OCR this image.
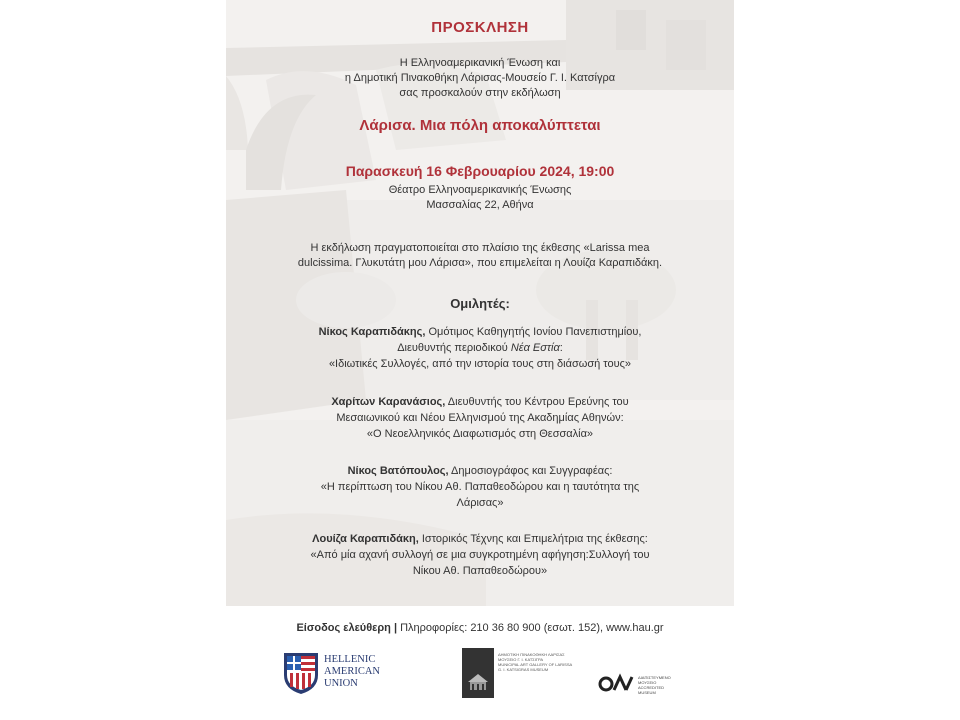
ΠΡΟΣΚΛΗΣΗ
Η Ελληνοαμερικανική Ένωση και
η Δημοτική Πινακοθήκη Λάρισας-Μουσείο Γ. Ι. Κατσίγρα
σας προσκαλούν στην εκδήλωση
Λάρισα. Μια πόλη αποκαλύπτεται
Παρασκευή 16 Φεβρουαρίου 2024, 19:00
Θέατρο Ελληνοαμερικανικής Ένωσης
Μασσαλίας 22, Αθήνα
Η εκδήλωση πραγματοποιείται στο πλαίσιο της έκθεσης «Larissa mea
dulcissima. Γλυκυτάτη μου Λάρισα», που επιμελείται η Λουίζα Καραπιδάκη.
Ομιλητές:
Νίκος Καραπιδάκης, Ομότιμος Καθηγητής Ιονίου Πανεπιστημίου,
Διευθυντής περιοδικού Νέα Εστία:
«Ιδιωτικές Συλλογές, από την ιστορία τους στη διάσωσή τους»
Χαρίτων Καρανάσιος, Διευθυντής του Κέντρου Ερεύνης του
Μεσαιωνικού και Νέου Ελληνισμού της Ακαδημίας Αθηνών:
«Ο Νεοελληνικός Διαφωτισμός στη Θεσσαλία»
Νίκος Βατόπουλος, Δημοσιογράφος και Συγγραφέας:
«Η περίπτωση του Νίκου Αθ. Παπαθεοδώρου και η ταυτότητα της
Λάρισας»
Λουίζα Καραπιδάκη, Ιστορικός Τέχνης και Επιμελήτρια της έκθεσης:
«Από μία αχανή συλλογή σε μια συγκροτημένη αφήγηση:Συλλογή του
Νίκου Αθ. Παπαθεοδώρου»
Είσοδος ελεύθερη | Πληροφορίες: 210 36 80 900 (εσωτ. 152), www.hau.gr
HELLENIC
AMERICAN
UNION
ΔΗΜΟΤΙΚΗ ΠΙΝΑΚΟΘΗΚΗ ΛΑΡΙΣΑΣ
ΜΟΥΣΕΙΟ Γ. Ι. ΚΑΤΣΙΓΡΑ
MUNICIPAL ART GALLERY OF LARISSA
G. I. KATSIGRAS MUSEUM
ΔΙΑΠΙΣΤΕΥΜΕΝΟ
ΜΟΥΣΕΙΟ
ACCREDITED
MUSEUM
